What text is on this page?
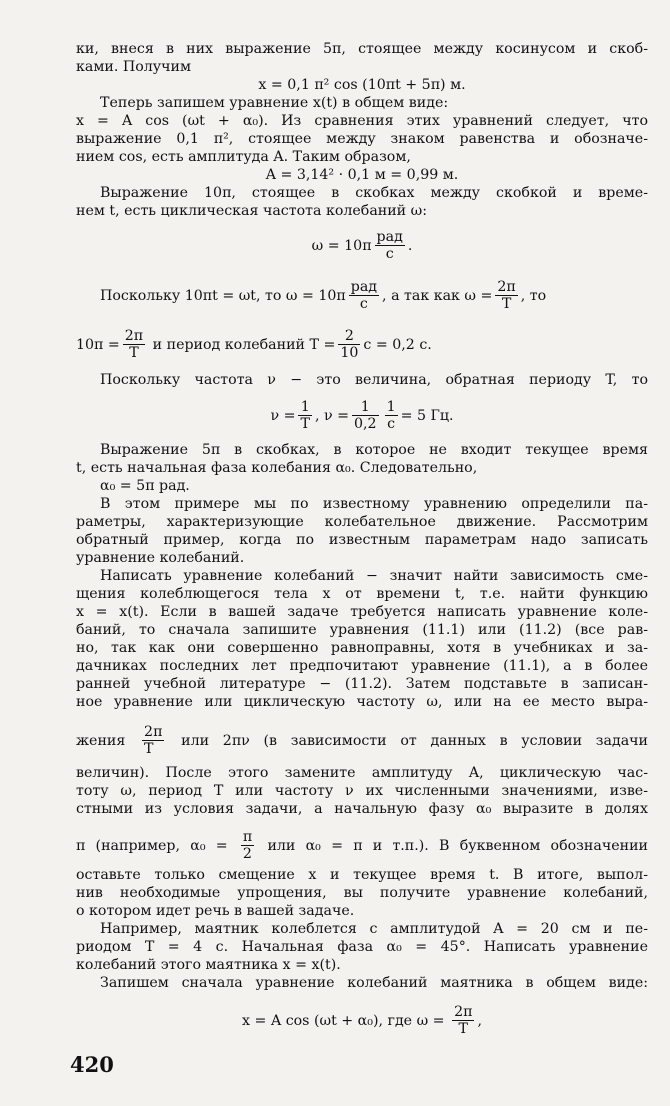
ки, внеся в них выражение 5π, стоящее между косинусом и скоб-
ками. Получим
x = 0,1 π² cos (10πt + 5π) м.
Теперь запишем уравнение x(t) в общем виде:
x = A cos (ωt + α₀). Из сравнения этих уравнений следует, что
выражение 0,1 π², стоящее между знаком равенства и обозначе-
нием cos, есть амплитуда A. Таким образом,
A = 3,14² · 0,1 м = 0,99 м.
Выражение 10π, стоящее в скобках между скобкой и време-
нем t, есть циклическая частота колебаний ω:
$\omega = 10\pi \frac{\text{рад}}{с}$ .
Поскольку 10πt = ωt, то $\omega = 10\pi \frac{\text{рад}}{с}$ , а так как $\omega = \frac{2\pi}{T}$ , то
$10\pi = \frac{2\pi}{T}$ и период колебаний $T = \frac{2}{10}$ с = 0,2 с.
Поскольку частота ν − это величина, обратная периоду T, то
$\nu = \frac{1}{T}$ , $\nu = \frac{1}{0,2} \frac{1}{с} = 5$ Гц.
Выражение 5π в скобках, в которое не входит текущее время
t, есть начальная фаза колебания α₀. Следовательно,
α₀ = 5π рад.
В этом примере мы по известному уравнению определили па-
раметры, характеризующие колебательное движение. Рассмотрим
обратный пример, когда по известным параметрам надо записать
уравнение колебаний.
Написать уравнение колебаний − значит найти зависимость сме-
щения колеблющегося тела x от времени t, т.е. найти функцию
x = x(t). Если в вашей задаче требуется написать уравнение коле-
баний, то сначала запишите уравнения (11.1) или (11.2) (все рав-
но, так как они совершенно равноправны, хотя в учебниках и за-
дачниках последних лет предпочитают уравнение (11.1), а в более
ранней учебной литературе − (11.2). Затем подставьте в записан-
ное уравнение или циклическую частоту ω, или на ее место выра-
жения $\frac{2\pi}{T}$ или 2πν (в зависимости от данных в условии задачи
величин). После этого замените амплитуду A, циклическую час-
тоту ω, период T или частоту ν их численными значениями, изве-
стными из условия задачи, а начальную фазу α₀ выразите в долях
π (например, $\alpha_0 = \frac{\pi}{2}$ или α₀ = π и т.п.). В буквенном обозначении
оставьте только смещение x и текущее время t. В итоге, выпол-
нив необходимые упрощения, вы получите уравнение колебаний,
о котором идет речь в вашей задаче.
Например, маятник колеблется с амплитудой A = 20 см и пе-
риодом T = 4 с. Начальная фаза α₀ = 45°. Написать уравнение
колебаний этого маятника x = x(t).
Запишем сначала уравнение колебаний маятника в общем виде:
x = A cos (ωt + α₀), где $\omega = \frac{2\pi}{T}$ ,
420
